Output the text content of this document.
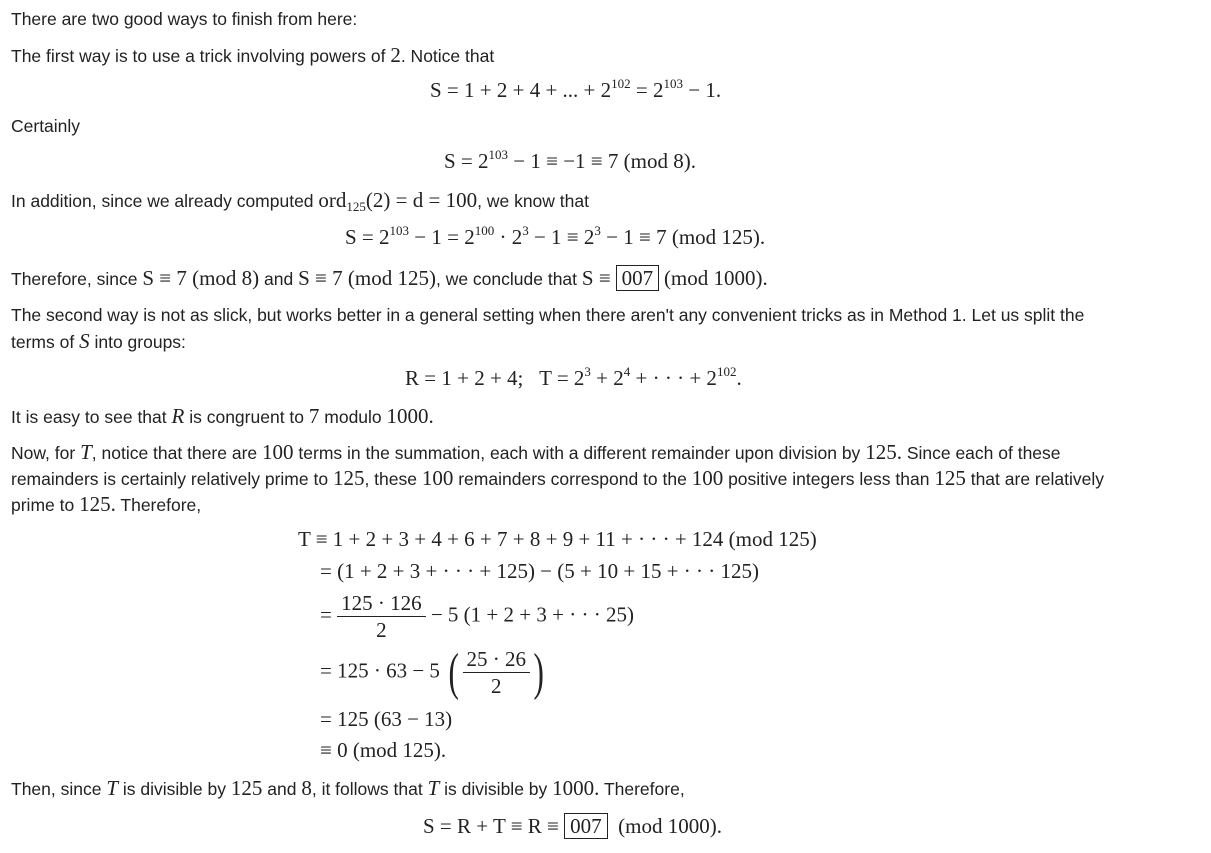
There are two good ways to finish from here:
The first way is to use a trick involving powers of 2. Notice that
S = 1 + 2 + 4 + ... + $2^{102} = 2^{103} - 1$.
Certainly
$S = 2^{103} - 1 \equiv -1 \equiv 7$ (mod 8).
In addition, since we already computed ord$_{125}$(2) = d = 100, we know that
$S = 2^{103} - 1 = 2^{100} \cdot 2^3 - 1 \equiv 2^3 - 1 \equiv 7$ (mod 125).
Therefore, since S ≡ 7 (mod 8) and S ≡ 7 (mod 125), we conclude that S ≡ 007 (mod 1000).
The second way is not as slick, but works better in a general setting when there aren't any convenient tricks as in Method 1. Let us split the
terms of S into groups:
R = 1 + 2 + 4; $T = 2^3 + 2^4$ + · · · + $2^{102}$.
It is easy to see that R is congruent to 7 modulo 1000.
Now, for T, notice that there are 100 terms in the summation, each with a different remainder upon division by 125. Since each of these
remainders is certainly relatively prime to 125, these 100 remainders correspond to the 100 positive integers less than 125 that are relatively
prime to 125. Therefore,
T ≡ 1 + 2 + 3 + 4 + 6 + 7 + 8 + 9 + 11 + · · · + 124 (mod 125)
= (1 + 2 + 3 + · · · + 125) − (5 + 10 + 15 + · · · 125)
= $\frac{125 \cdot 126}{2} - 5$ (1 + 2 + 3 + · · · 25)
= 125 · 63 − 5 ( $\frac{25 \cdot 26}{2}$ )
= 125 (63 − 13)
≡ 0 (mod 125).
Then, since T is divisible by 125 and 8, it follows that T is divisible by 1000. Therefore,
S = R + T ≡ R ≡ 007 (mod 1000).
